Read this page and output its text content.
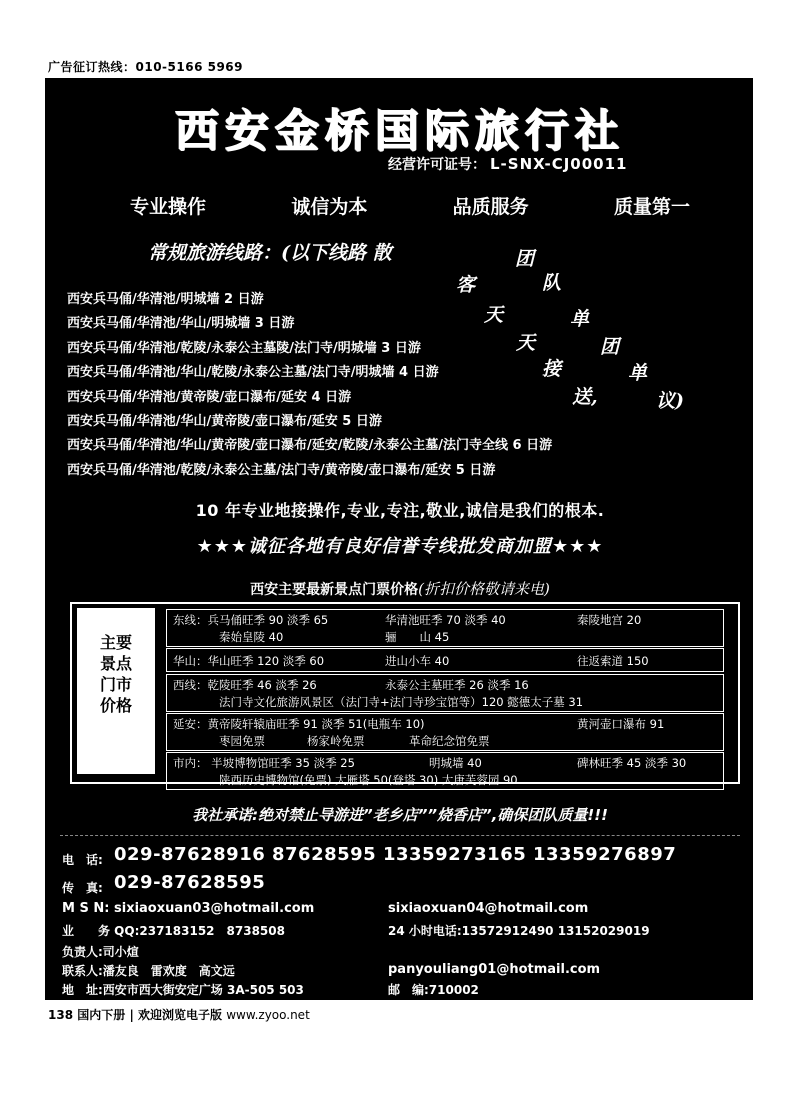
广告征订热线：010-5166 5969
西安金桥国际旅行社
经营许可证号： L-SNX-CJ00011
专业操作	诚信为本	品质服务	质量第一
常规旅游线路：(以下线路 散	团
客	队
天	单
天	团
接	单
送,	议)
西安兵马俑/华清池/明城墙 2 日游
西安兵马俑/华清池/华山/明城墙 3 日游
西安兵马俑/华清池/乾陵/永泰公主墓陵/法门寺/明城墙 3 日游
西安兵马俑/华清池/华山/乾陵/永泰公主墓/法门寺/明城墙 4 日游
西安兵马俑/华清池/黄帝陵/壶口瀑布/延安 4 日游
西安兵马俑/华清池/华山/黄帝陵/壶口瀑布/延安 5 日游
西安兵马俑/华清池/华山/黄帝陵/壶口瀑布/延安/乾陵/永泰公主墓/法门寺全线 6 日游
西安兵马俑/华清池/乾陵/永泰公主墓/法门寺/黄帝陵/壶口瀑布/延安 5 日游
10 年专业地接操作,专业,专注,敬业,诚信是我们的根本.
★★★诚征各地有良好信誉专线批发商加盟★★★
西安主要最新景点门票价格(折扣价格敬请来电)
主要
景点
门市
价格
东线：兵马俑旺季 90 淡季 65	华清池旺季 70 淡季 40	秦陵地宫 20
秦始皇陵 40	骊　　山 45
华山：华山旺季 120 淡季 60	进山小车 40	往返索道 150
西线：乾陵旺季 46 淡季 26	永泰公主墓旺季 26 淡季 16
法门寺文化旅游风景区（法门寺+法门寺珍宝馆等）120 懿德太子墓 31
延安：黄帝陵轩辕庙旺季 91 淡季 51(电瓶车 10)	黄河壶口瀑布 91
枣园免票	杨家岭免票	革命纪念馆免票
市内： 半坡博物馆旺季 35 淡季 25	明城墙 40	碑林旺季 45 淡季 30
陕西历史博物馆(免票) 大雁塔 50(登塔 30) 大唐芙蓉园 90
我社承诺:绝对禁止导游进”老乡店””烧香店”,确保团队质量!!!
电　话: 029-87628916 87628595 13359273165 13359276897
传　真: 029-87628595
M S N: sixiaoxuan03@hotmail.com	sixiaoxuan04@hotmail.com
业　　务 QQ:237183152　8738508	24 小时电话:13572912490 13152029019
负责人:司小煊
联系人:潘友良　雷欢度　高文远	panyouliang01@hotmail.com
地　址:西安市西大街安定广场 3A-505 503	邮　编:710002
138 国内下册 | 欢迎浏览电子版 www.zyoo.net
